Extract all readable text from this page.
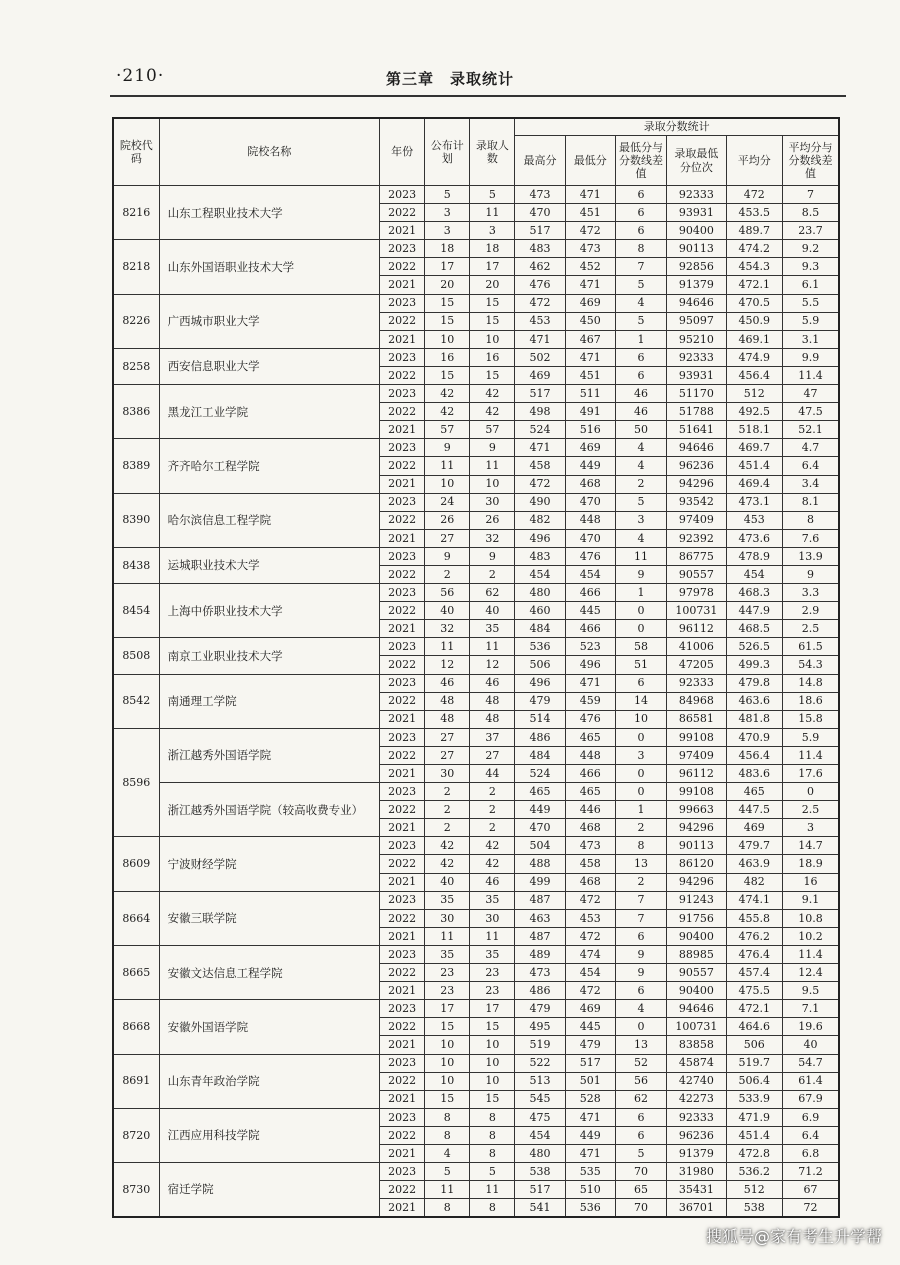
·210·	第三章　录取统计
院校代码	院校名称	年份	公布计划	录取人数	录取分数统计					
					最高分	最低分	最低分与分数线差值	录取最低分位次	平均分	平均分与分数线差值
8216	山东工程职业技术大学	2023	5	5	473	471	6	92333	472	7
		2022	3	11	470	451	6	93931	453.5	8.5
		2021	3	3	517	472	6	90400	489.7	23.7
8218	山东外国语职业技术大学	2023	18	18	483	473	8	90113	474.2	9.2
		2022	17	17	462	452	7	92856	454.3	9.3
		2021	20	20	476	471	5	91379	472.1	6.1
8226	广西城市职业大学	2023	15	15	472	469	4	94646	470.5	5.5
		2022	15	15	453	450	5	95097	450.9	5.9
		2021	10	10	471	467	1	95210	469.1	3.1
8258	西安信息职业大学	2023	16	16	502	471	6	92333	474.9	9.9
		2022	15	15	469	451	6	93931	456.4	11.4
8386	黑龙江工业学院	2023	42	42	517	511	46	51170	512	47
		2022	42	42	498	491	46	51788	492.5	47.5
		2021	57	57	524	516	50	51641	518.1	52.1
8389	齐齐哈尔工程学院	2023	9	9	471	469	4	94646	469.7	4.7
		2022	11	11	458	449	4	96236	451.4	6.4
		2021	10	10	472	468	2	94296	469.4	3.4
8390	哈尔滨信息工程学院	2023	24	30	490	470	5	93542	473.1	8.1
		2022	26	26	482	448	3	97409	453	8
		2021	27	32	496	470	4	92392	473.6	7.6
8438	运城职业技术大学	2023	9	9	483	476	11	86775	478.9	13.9
		2022	2	2	454	454	9	90557	454	9
8454	上海中侨职业技术大学	2023	56	62	480	466	1	97978	468.3	3.3
		2022	40	40	460	445	0	100731	447.9	2.9
		2021	32	35	484	466	0	96112	468.5	2.5
8508	南京工业职业技术大学	2023	11	11	536	523	58	41006	526.5	61.5
		2022	12	12	506	496	51	47205	499.3	54.3
8542	南通理工学院	2023	46	46	496	471	6	92333	479.8	14.8
		2022	48	48	479	459	14	84968	463.6	18.6
		2021	48	48	514	476	10	86581	481.8	15.8
8596	浙江越秀外国语学院	2023	27	37	486	465	0	99108	470.9	5.9
		2022	27	27	484	448	3	97409	456.4	11.4
		2021	30	44	524	466	0	96112	483.6	17.6
	浙江越秀外国语学院（较高收费专业）	2023	2	2	465	465	0	99108	465	0
		2022	2	2	449	446	1	99663	447.5	2.5
		2021	2	2	470	468	2	94296	469	3
8609	宁波财经学院	2023	42	42	504	473	8	90113	479.7	14.7
		2022	42	42	488	458	13	86120	463.9	18.9
		2021	40	46	499	468	2	94296	482	16
8664	安徽三联学院	2023	35	35	487	472	7	91243	474.1	9.1
		2022	30	30	463	453	7	91756	455.8	10.8
		2021	11	11	487	472	6	90400	476.2	10.2
8665	安徽文达信息工程学院	2023	35	35	489	474	9	88985	476.4	11.4
		2022	23	23	473	454	9	90557	457.4	12.4
		2021	23	23	486	472	6	90400	475.5	9.5
8668	安徽外国语学院	2023	17	17	479	469	4	94646	472.1	7.1
		2022	15	15	495	445	0	100731	464.6	19.6
		2021	10	10	519	479	13	83858	506	40
8691	山东青年政治学院	2023	10	10	522	517	52	45874	519.7	54.7
		2022	10	10	513	501	56	42740	506.4	61.4
		2021	15	15	545	528	62	42273	533.9	67.9
8720	江西应用科技学院	2023	8	8	475	471	6	92333	471.9	6.9
		2022	8	8	454	449	6	96236	451.4	6.4
		2021	4	8	480	471	5	91379	472.8	6.8
8730	宿迁学院	2023	5	5	538	535	70	31980	536.2	71.2
		2022	11	11	517	510	65	35431	512	67
		2021	8	8	541	536	70	36701	538	72
搜狐号@家有考生升学帮
